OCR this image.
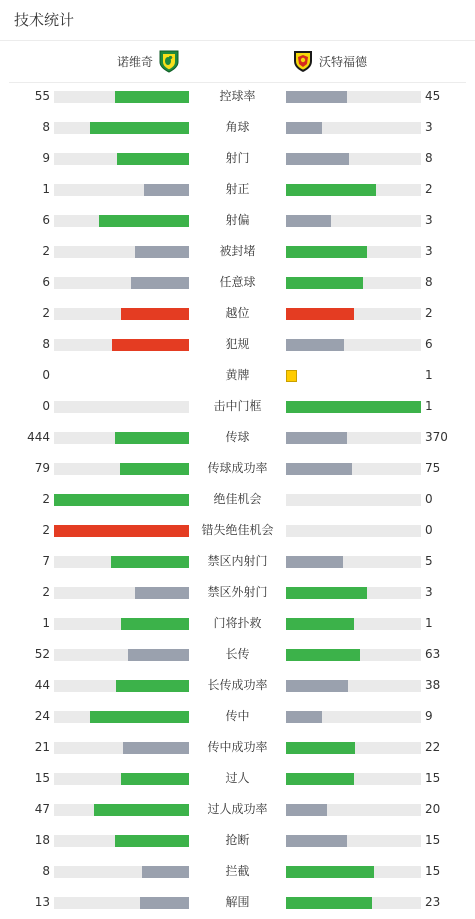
技术统计
诺维奇	沃特福德
55	控球率	45
8	角球	3
9	射门	8
1	射正	2
6	射偏	3
2	被封堵	3
6	任意球	8
2	越位	2
8	犯规	6
0	黄牌	1
0	击中门框	1
444	传球	370
79	传球成功率	75
2	绝佳机会	0
2	错失绝佳机会	0
7	禁区内射门	5
2	禁区外射门	3
1	门将扑救	1
52	长传	63
44	长传成功率	38
24	传中	9
21	传中成功率	22
15	过人	15
47	过人成功率	20
18	抢断	15
8	拦截	15
13	解围	23
